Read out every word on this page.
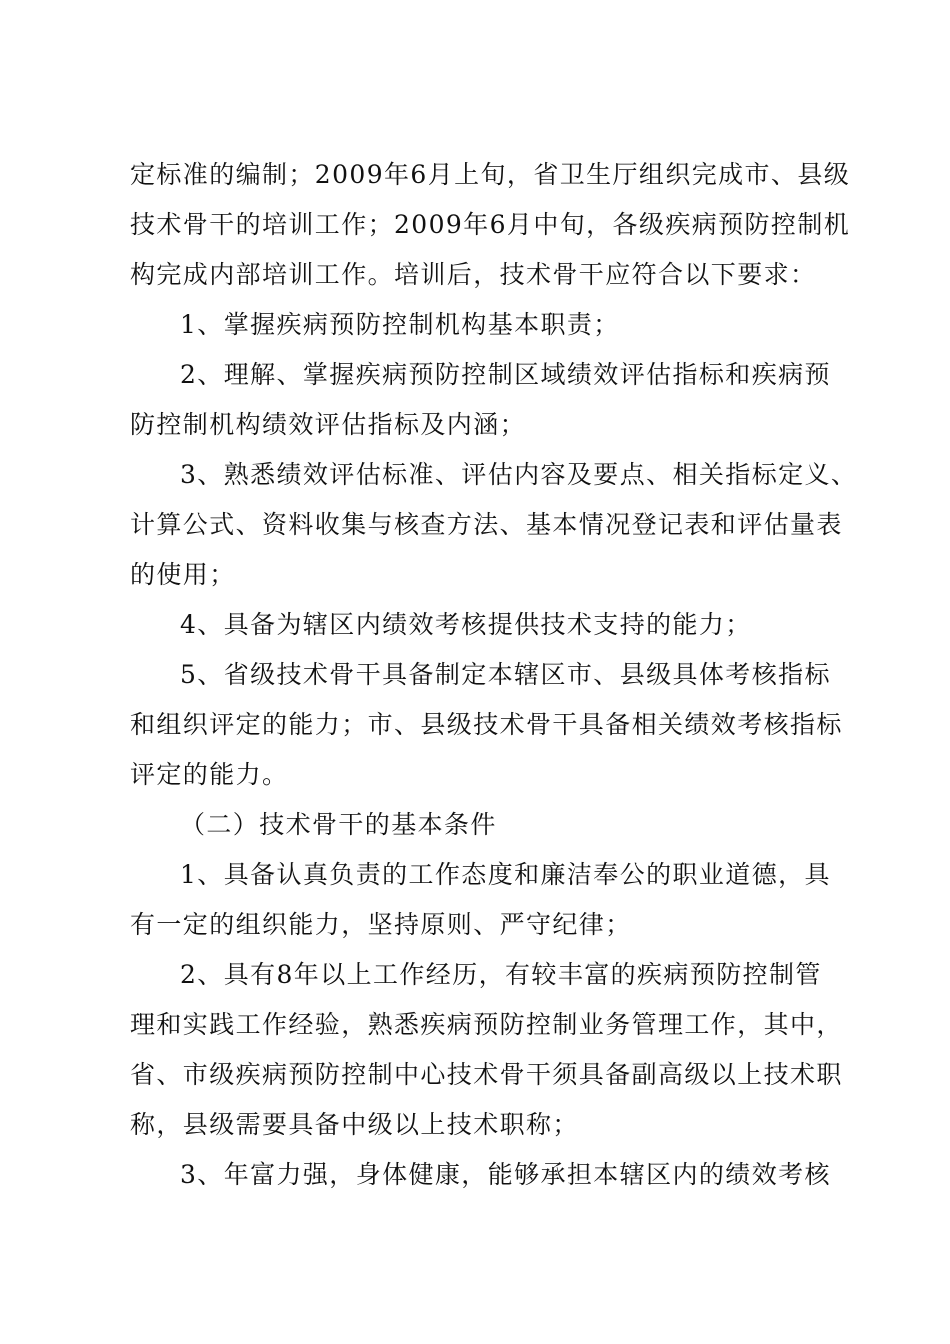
定标准的编制；2009年6月上旬，省卫生厅组织完成市、县级
技术骨干的培训工作；2009年6月中旬，各级疾病预防控制机
构完成内部培训工作。培训后，技术骨干应符合以下要求：
1、掌握疾病预防控制机构基本职责；
2、理解、掌握疾病预防控制区域绩效评估指标和疾病预
防控制机构绩效评估指标及内涵；
3、熟悉绩效评估标准、评估内容及要点、相关指标定义、
计算公式、资料收集与核查方法、基本情况登记表和评估量表
的使用；
4、具备为辖区内绩效考核提供技术支持的能力；
5、省级技术骨干具备制定本辖区市、县级具体考核指标
和组织评定的能力；市、县级技术骨干具备相关绩效考核指标
评定的能力。
（二）技术骨干的基本条件
1、具备认真负责的工作态度和廉洁奉公的职业道德，具
有一定的组织能力，坚持原则、严守纪律；
2、具有8年以上工作经历，有较丰富的疾病预防控制管
理和实践工作经验，熟悉疾病预防控制业务管理工作，其中，
省、市级疾病预防控制中心技术骨干须具备副高级以上技术职
称，县级需要具备中级以上技术职称；
3、年富力强，身体健康，能够承担本辖区内的绩效考核
